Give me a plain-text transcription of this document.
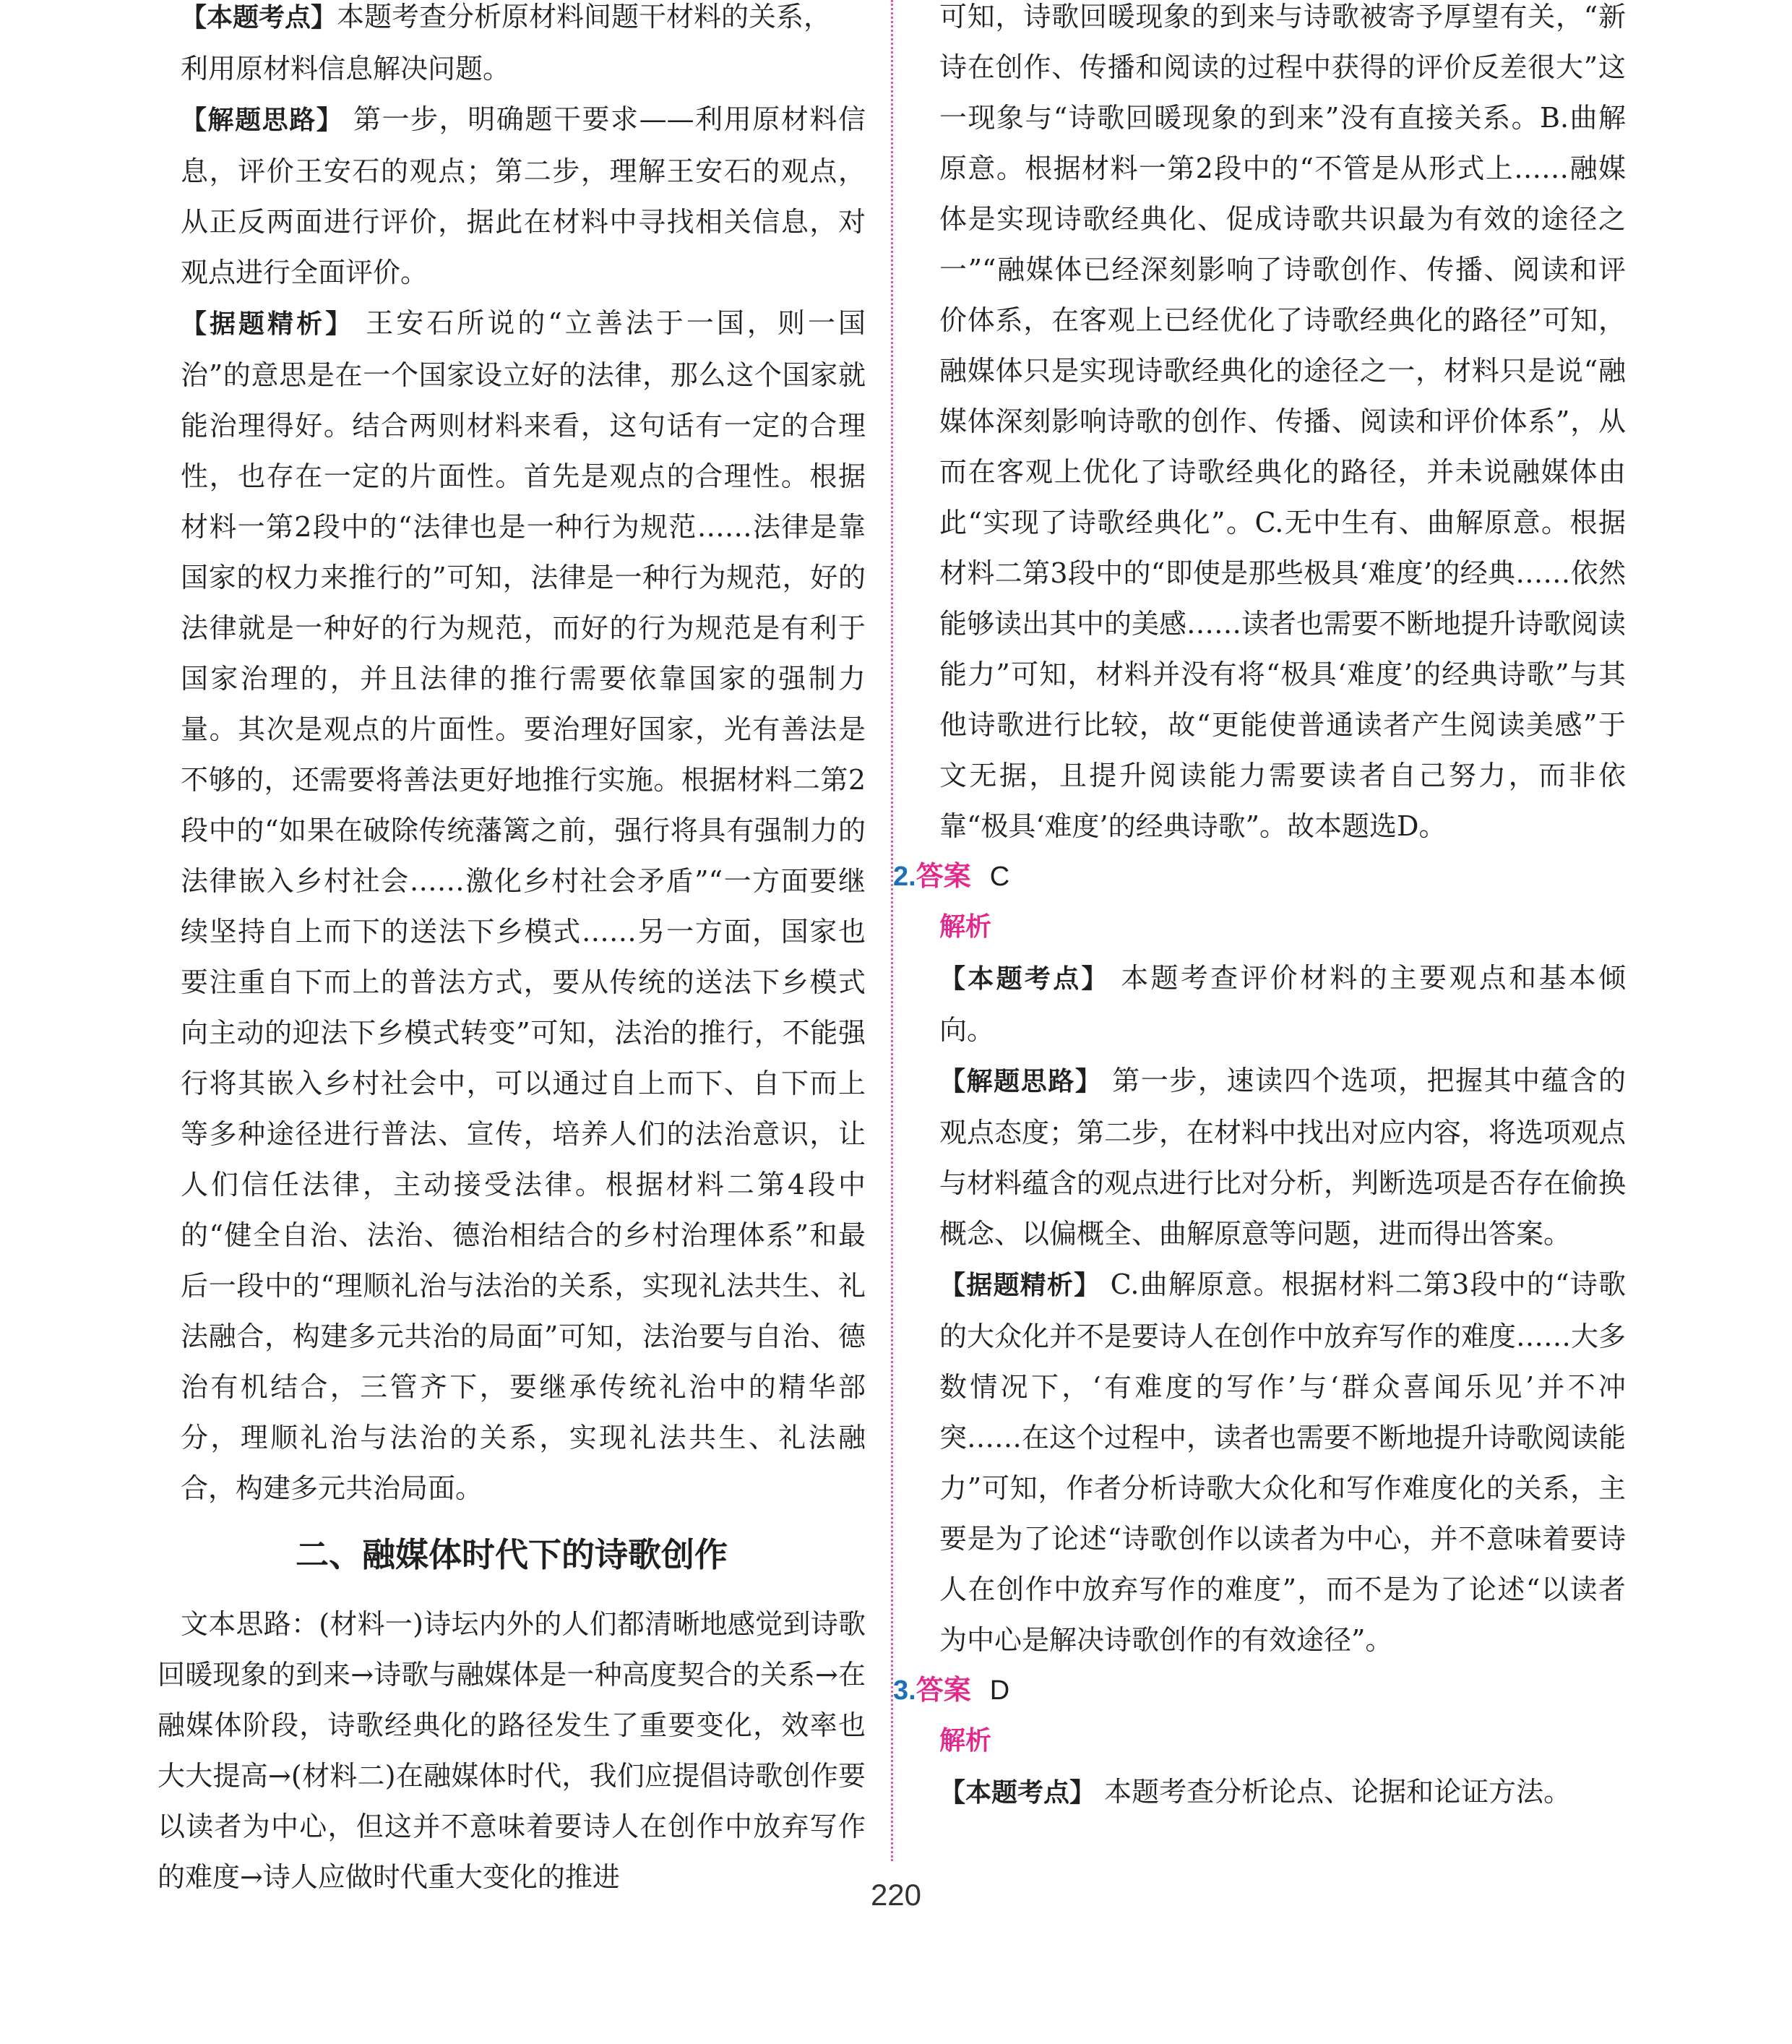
【本题考点】本题考查分析原材料间题干材料的关系，

利用原材料信息解决问题。

【解题思路】 第一步，明确题干要求——利用原材料信息，评价王安石的观点；第二步，理解王安石的观点，从正反两面进行评价，据此在材料中寻找相关信息，对观点进行全面评价。

【据题精析】 王安石所说的“立善法于一国，则一国治”的意思是在一个国家设立好的法律，那么这个国家就能治理得好。结合两则材料来看，这句话有一定的合理性，也存在一定的片面性。首先是观点的合理性。根据材料一第2段中的“法律也是一种行为规范……法律是靠国家的权力来推行的”可知，法律是一种行为规范，好的法律就是一种好的行为规范，而好的行为规范是有利于国家治理的，并且法律的推行需要依靠国家的强制力量。其次是观点的片面性。要治理好国家，光有善法是不够的，还需要将善法更好地推行实施。根据材料二第2段中的“如果在破除传统藩篱之前，强行将具有强制力的法律嵌入乡村社会……激化乡村社会矛盾”“一方面要继续坚持自上而下的送法下乡模式……另一方面，国家也要注重自下而上的普法方式，要从传统的送法下乡模式向主动的迎法下乡模式转变”可知，法治的推行，不能强行将其嵌入乡村社会中，可以通过自上而下、自下而上等多种途径进行普法、宣传，培养人们的法治意识，让人们信任法律，主动接受法律。根据材料二第4段中的“健全自治、法治、德治相结合的乡村治理体系”和最后一段中的“理顺礼治与法治的关系，实现礼法共生、礼法融合，构建多元共治的局面”可知，法治要与自治、德治有机结合，三管齐下，要继承传统礼治中的精华部分，理顺礼治与法治的关系，实现礼法共生、礼法融合，构建多元共治局面。

二、融媒体时代下的诗歌创作

文本思路：(材料一)诗坛内外的人们都清晰地感觉到诗歌回暖现象的到来→诗歌与融媒体是一种高度契合的关系→在融媒体阶段，诗歌经典化的路径发生了重要变化，效率也大大提高→(材料二)在融媒体时代，我们应提倡诗歌创作要以读者为中心，但这并不意味着要诗人在创作中放弃写作的难度→诗人应做时代重大变化的推进

可知，诗歌回暖现象的到来与诗歌被寄予厚望有关，“新诗在创作、传播和阅读的过程中获得的评价反差很大”这一现象与“诗歌回暖现象的到来”没有直接关系。B.曲解原意。根据材料一第2段中的“不管是从形式上……融媒体是实现诗歌经典化、促成诗歌共识最为有效的途径之一”“融媒体已经深刻影响了诗歌创作、传播、阅读和评价体系，在客观上已经优化了诗歌经典化的路径”可知，融媒体只是实现诗歌经典化的途径之一，材料只是说“融媒体深刻影响诗歌的创作、传播、阅读和评价体系”，从而在客观上优化了诗歌经典化的路径，并未说融媒体由此“实现了诗歌经典化”。C.无中生有、曲解原意。根据材料二第3段中的“即使是那些极具‘难度’的经典……依然能够读出其中的美感……读者也需要不断地提升诗歌阅读能力”可知，材料并没有将“极具‘难度’的经典诗歌”与其他诗歌进行比较，故“更能使普通读者产生阅读美感”于文无据，且提升阅读能力需要读者自己努力，而非依靠“极具‘难度’的经典诗歌”。故本题选D。

2.答案 C

解析

【本题考点】 本题考查评价材料的主要观点和基本倾向。

【解题思路】 第一步，速读四个选项，把握其中蕴含的观点态度；第二步，在材料中找出对应内容，将选项观点与材料蕴含的观点进行比对分析，判断选项是否存在偷换概念、以偏概全、曲解原意等问题，进而得出答案。

【据题精析】 C.曲解原意。根据材料二第3段中的“诗歌的大众化并不是要诗人在创作中放弃写作的难度……大多数情况下，‘有难度的写作’与‘群众喜闻乐见’并不冲突……在这个过程中，读者也需要不断地提升诗歌阅读能力”可知，作者分析诗歌大众化和写作难度化的关系，主要是为了论述“诗歌创作以读者为中心，并不意味着要诗人在创作中放弃写作的难度”，而不是为了论述“以读者为中心是解决诗歌创作的有效途径”。

3.答案 D

解析

【本题考点】 本题考查分析论点、论据和论证方法。

220
